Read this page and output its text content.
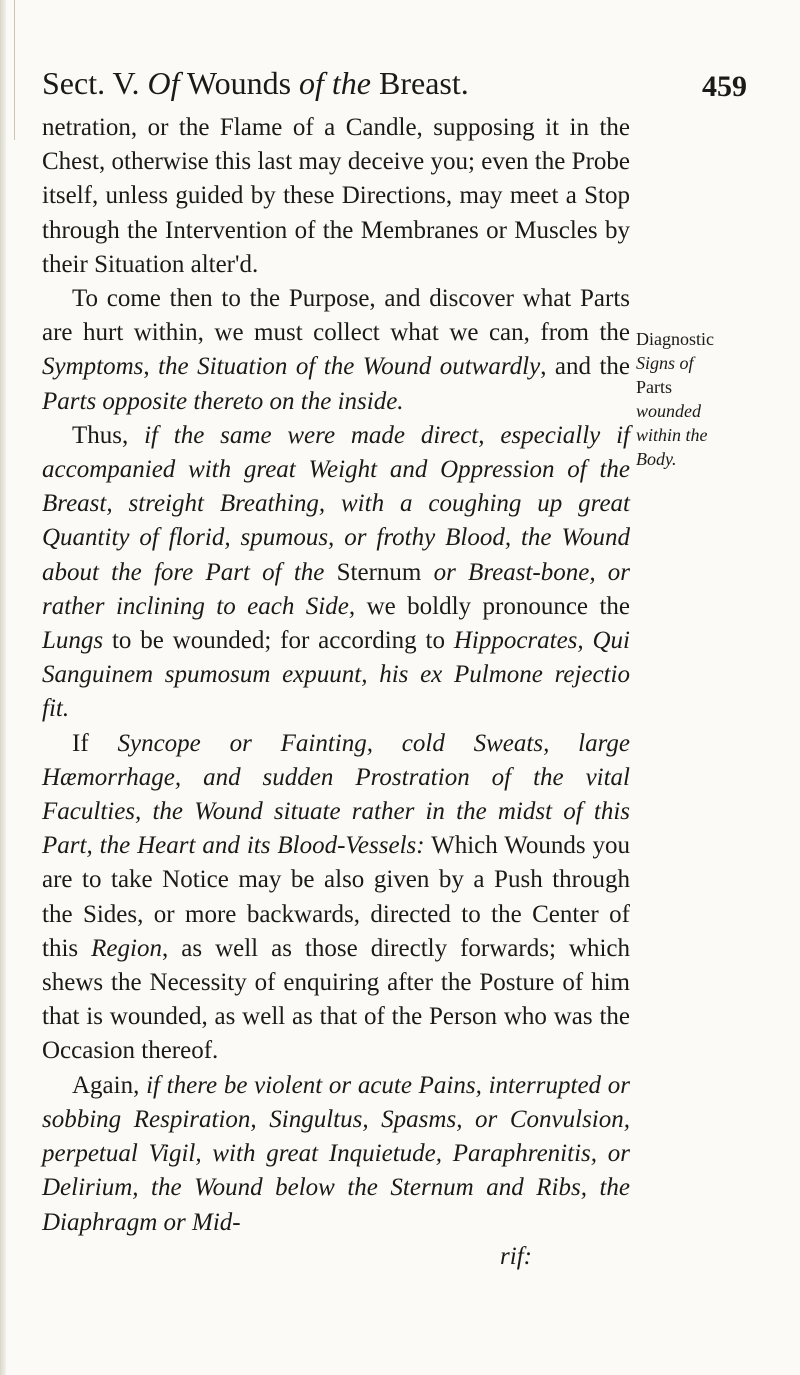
Sect. V. Of Wounds of the Breast.	459

netration, or the Flame of a Candle, supposing it in the Chest, otherwise this last may deceive you; even the Probe itself, unless guided by these Directions, may meet a Stop through the Intervention of the Membranes or Muscles by their Situation alter'd.

To come then to the Purpose, and discover what Parts are hurt within, we must collect what we can, from the Symptoms, the Situation of the Wound outwardly, and the Parts opposite thereto on the inside.

Thus, if the same were made direct, especially if accompanied with great Weight and Oppression of the Breast, streight Breathing, with a coughing up great Quantity of florid, spumous, or frothy Blood, the Wound about the fore Part of the Sternum or Breast-bone, or rather inclining to each Side, we boldly pronounce the Lungs to be wounded; for according to Hippocrates, Qui Sanguinem spumosum expuunt, his ex Pulmone rejectio fit.

If Syncope or Fainting, cold Sweats, large Hæmorrhage, and sudden Prostration of the vital Faculties, the Wound situate rather in the midst of this Part, the Heart and its Blood-Vessels: Which Wounds you are to take Notice may be also given by a Push through the Sides, or more backwards, directed to the Center of this Region, as well as those directly forwards; which shews the Necessity of enquiring after the Posture of him that is wounded, as well as that of the Person who was the Occasion thereof.

Again, if there be violent or acute Pains, interrupted or sobbing Respiration, Singultus, Spasms, or Convulsion, perpetual Vigil, with great Inquietude, Paraphrenitis, or Delirium, the Wound below the Sternum and Ribs, the Diaphragm or Mid-

rif:

Diagnostic
Signs of
Parts
wounded
within the
Body.
